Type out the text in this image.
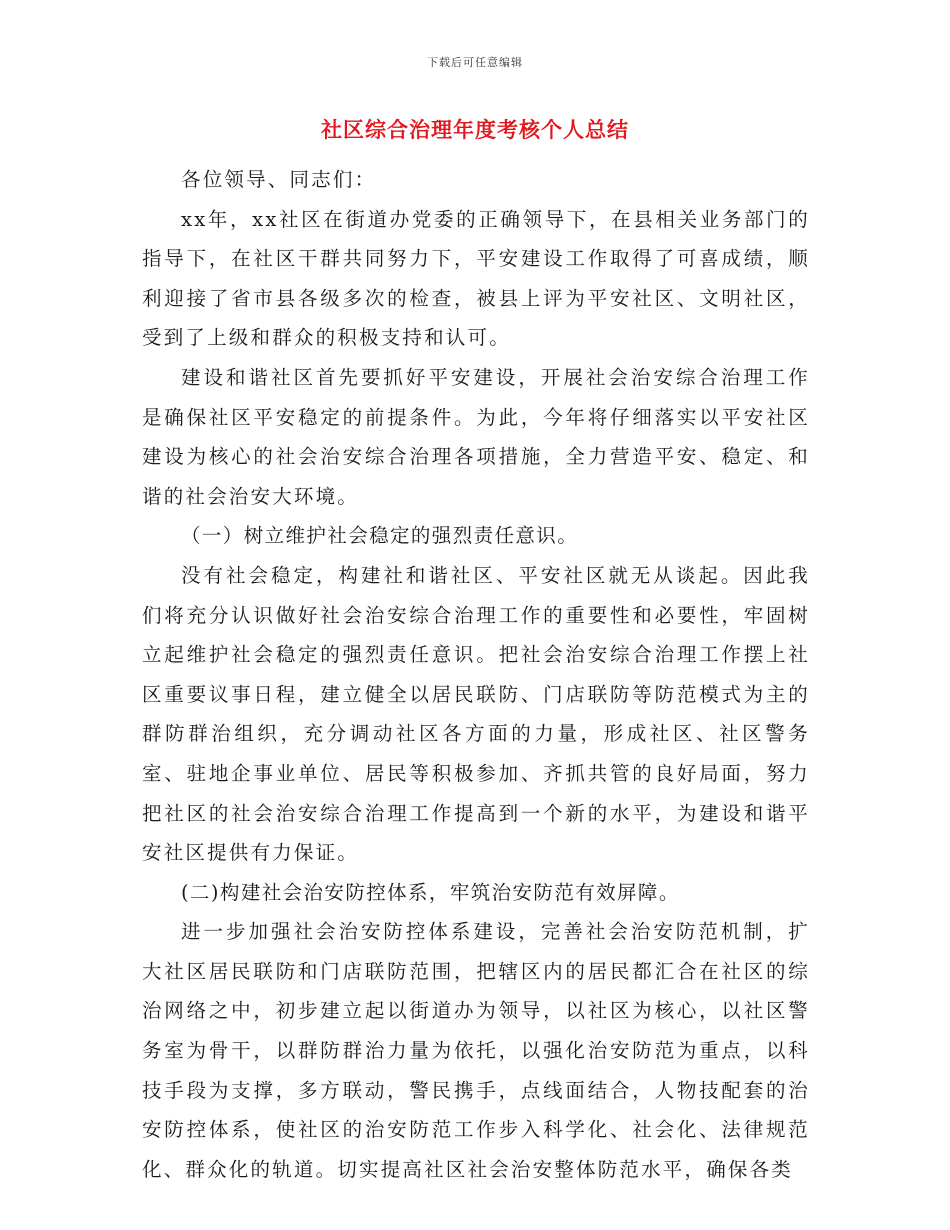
下载后可任意编辑
社区综合治理年度考核个人总结

各位领导、同志们：

xx年，xx社区在街道办党委的正确领导下，在县相关业务部门的指导下，在社区干群共同努力下，平安建设工作取得了可喜成绩，顺利迎接了省市县各级多次的检查，被县上评为平安社区、文明社区，受到了上级和群众的积极支持和认可。

建设和谐社区首先要抓好平安建设，开展社会治安综合治理工作是确保社区平安稳定的前提条件。为此，今年将仔细落实以平安社区建设为核心的社会治安综合治理各项措施，全力营造平安、稳定、和谐的社会治安大环境。

（一）树立维护社会稳定的强烈责任意识。

没有社会稳定，构建社和谐社区、平安社区就无从谈起。因此我们将充分认识做好社会治安综合治理工作的重要性和必要性，牢固树立起维护社会稳定的强烈责任意识。把社会治安综合治理工作摆上社区重要议事日程，建立健全以居民联防、门店联防等防范模式为主的群防群治组织，充分调动社区各方面的力量，形成社区、社区警务室、驻地企事业单位、居民等积极参加、齐抓共管的良好局面，努力把社区的社会治安综合治理工作提高到一个新的水平，为建设和谐平安社区提供有力保证。

(二)构建社会治安防控体系，牢筑治安防范有效屏障。

进一步加强社会治安防控体系建设，完善社会治安防范机制，扩大社区居民联防和门店联防范围，把辖区内的居民都汇合在社区的综治网络之中，初步建立起以街道办为领导，以社区为核心，以社区警务室为骨干，以群防群治力量为依托，以强化治安防范为重点，以科技手段为支撑，多方联动，警民携手，点线面结合，人物技配套的治安防控体系，使社区的治安防范工作步入科学化、社会化、法律规范化、群众化的轨道。切实提高社区社会治安整体防范水平，确保各类
